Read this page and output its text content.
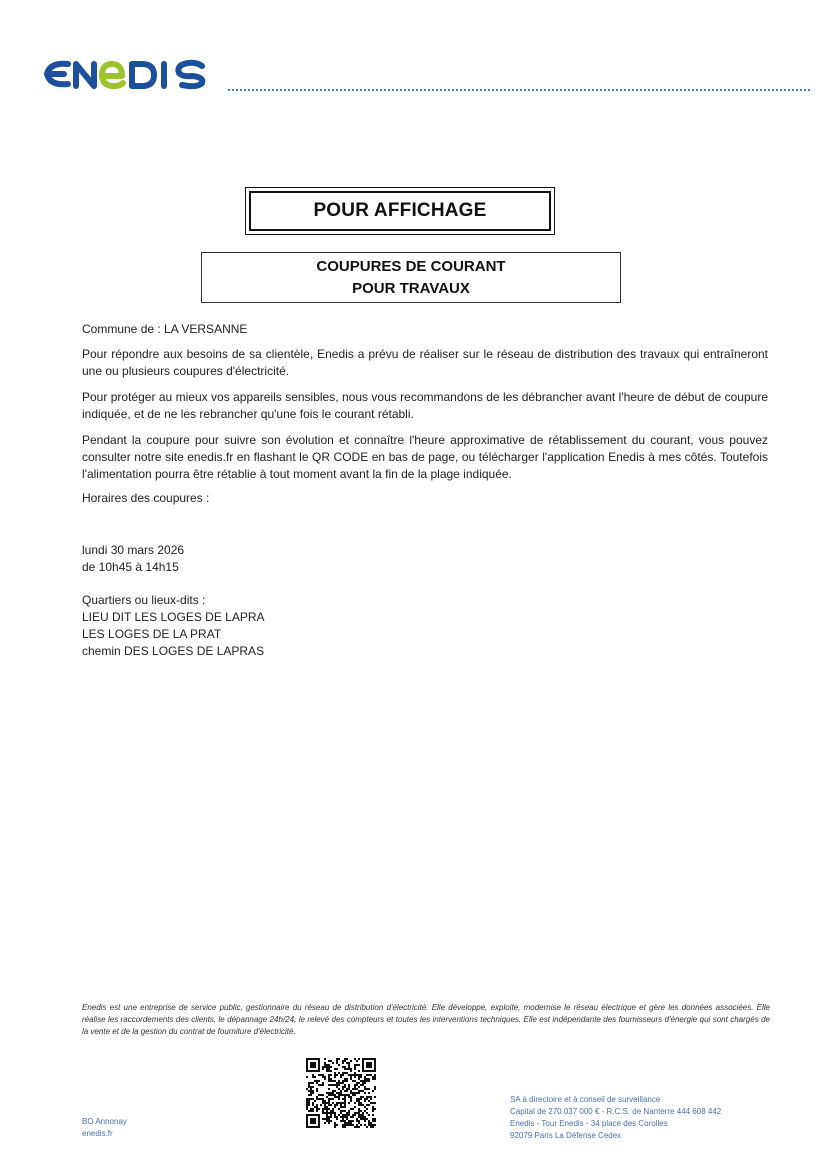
POUR AFFICHAGE
COUPURES DE COURANT
POUR TRAVAUX
Commune de : LA VERSANNE
Pour répondre aux besoins de sa clientèle, Enedis a prévu de réaliser sur le réseau de distribution des travaux qui entraîneront une ou plusieurs coupures d'électricité.
Pour protéger au mieux vos appareils sensibles, nous vous recommandons de les débrancher avant l'heure de début de coupure indiquée, et de ne les rebrancher qu'une fois le courant rétabli.
Pendant la coupure pour suivre son évolution et connaître l'heure approximative de rétablissement du courant, vous pouvez consulter notre site enedis.fr en flashant le QR CODE en bas de page, ou télécharger l'application Enedis à mes côtés. Toutefois l'alimentation pourra être rétablie à tout moment avant la fin de la plage indiquée.
Horaires des coupures :
lundi 30 mars 2026
de 10h45 à 14h15
Quartiers ou lieux-dits :
LIEU DIT LES LOGES DE LAPRA
LES LOGES DE LA PRAT
chemin DES LOGES DE LAPRAS
Enedis est une entreprise de service public, gestionnaire du réseau de distribution d'électricité. Elle développe, exploite, modernise le réseau électrique et gère les données associées. Elle réalise les raccordements des clients, le dépannage 24h/24, le relevé des compteurs et toutes les interventions techniques. Elle est indépendante des fournisseurs d'énergie qui sont chargés de la vente et de la gestion du contrat de fourniture d'électricité.
BO Annonay
enedis.fr
SA à directoire et à conseil de surveillance
Capital de 270 037 000 € - R.C.S. de Nanterre 444 608 442
Enedis - Tour Enedis - 34 place des Corolles
92079 Paris La Défense Cedex
